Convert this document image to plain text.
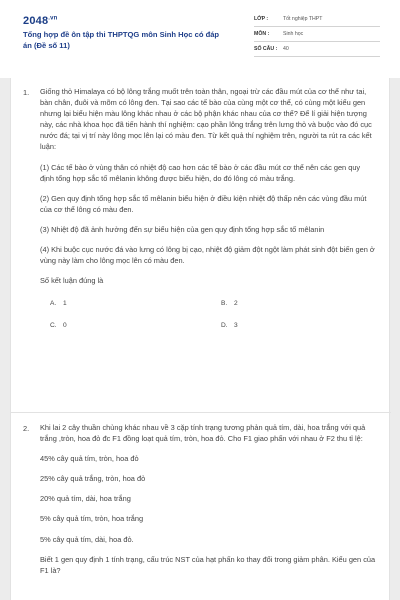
$2048^{.vn}$
Tổng hợp đề ôn tập thi THPTQG môn Sinh Học có đáp án (Đề số 11)
LỚP :	Tốt nghiệp THPT
MÔN :	Sinh học
SỐ CÂU : 40
1. Giống thỏ Himalaya có bộ lông trắng muốt trên toàn thân, ngoại trừ các đầu mút của cơ thể như tai, bàn chân, đuôi và mõm có lông đen. Tại sao các tế bào của cùng một cơ thể, có cùng một kiểu gen nhưng lại biểu hiện màu lông khác nhau ở các bộ phận khác nhau của cơ thể? Để lí giải hiện tượng này, các nhà khoa học đã tiến hành thí nghiệm: cạo phần lông trắng trên lưng thỏ và buộc vào đó cục nước đá; tại vị trí này lông mọc lên lại có màu đen. Từ kết quả thí nghiệm trên, người ta rút ra các kết luận:

(1) Các tế bào ở vùng thân có nhiệt độ cao hơn các tế bào ở các đầu mút cơ thể nên các gen quy định tổng hợp sắc tố mêlanin không được biểu hiện, do đó lông có màu trắng.

(2) Gen quy định tổng hợp sắc tố mêlanin biểu hiện ở điều kiện nhiệt độ thấp nên các vùng đầu mút của cơ thể lông có màu đen.

(3) Nhiệt độ đã ảnh hưởng đến sự biểu hiện của gen quy định tổng hợp sắc tố mêlanin

(4) Khi buộc cục nước đá vào lưng có lông bị cạo, nhiệt độ giảm đột ngột làm phát sinh đột biến gen ở vùng này làm cho lông mọc lên có màu đen.

Số kết luận đúng là

A. 1	B. 2
C. 0	D. 3
2. Khi lai 2 cây thuần chủng khác nhau về 3 cặp tính trạng tương phản quả tím, dài, hoa trắng với quả trắng ,tròn, hoa đỏ đc F1 đồng loạt quả tím, tròn, hoa đỏ. Cho F1 giao phấn với nhau ở F2 thu tỉ lệ:

45% cây quả tím, tròn, hoa đỏ

25% cây quả trắng, tròn, hoa đỏ

20% quả tím, dài, hoa trắng

5% cây quả tím, tròn, hoa trắng

5% cây quả tím, dài, hoa đỏ.

Biết 1 gen quy định 1 tính trạng, cấu trúc NST của hạt phấn ko thay đổi trong giảm phân. Kiểu gen của F1 là?
